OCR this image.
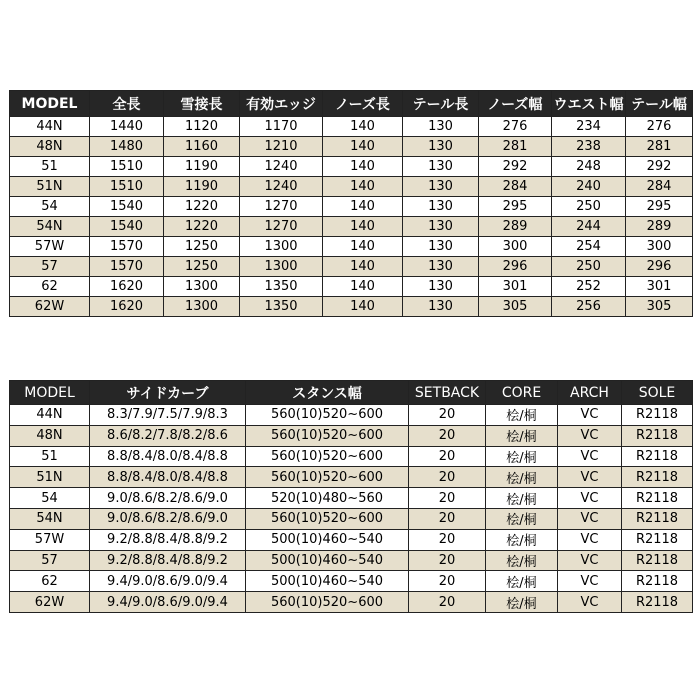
MODEL	全長	雪接長	有効エッジ	ノーズ長	テール長	ノーズ幅	ウエスト幅	テール幅
44N	1440	1120	1170	140	130	276	234	276
48N	1480	1160	1210	140	130	281	238	281
51	1510	1190	1240	140	130	292	248	292
51N	1510	1190	1240	140	130	284	240	284
54	1540	1220	1270	140	130	295	250	295
54N	1540	1220	1270	140	130	289	244	289
57W	1570	1250	1300	140	130	300	254	300
57	1570	1250	1300	140	130	296	250	296
62	1620	1300	1350	140	130	301	252	301
62W	1620	1300	1350	140	130	305	256	305
MODEL	サイドカーブ	スタンス幅	SETBACK	CORE	ARCH	SOLE
44N	8.3/7.9/7.5/7.9/8.3	560(10)520~600	20	桧/桐	VC	R2118
48N	8.6/8.2/7.8/8.2/8.6	560(10)520~600	20	桧/桐	VC	R2118
51	8.8/8.4/8.0/8.4/8.8	560(10)520~600	20	桧/桐	VC	R2118
51N	8.8/8.4/8.0/8.4/8.8	560(10)520~600	20	桧/桐	VC	R2118
54	9.0/8.6/8.2/8.6/9.0	520(10)480~560	20	桧/桐	VC	R2118
54N	9.0/8.6/8.2/8.6/9.0	560(10)520~600	20	桧/桐	VC	R2118
57W	9.2/8.8/8.4/8.8/9.2	500(10)460~540	20	桧/桐	VC	R2118
57	9.2/8.8/8.4/8.8/9.2	500(10)460~540	20	桧/桐	VC	R2118
62	9.4/9.0/8.6/9.0/9.4	500(10)460~540	20	桧/桐	VC	R2118
62W	9.4/9.0/8.6/9.0/9.4	560(10)520~600	20	桧/桐	VC	R2118
